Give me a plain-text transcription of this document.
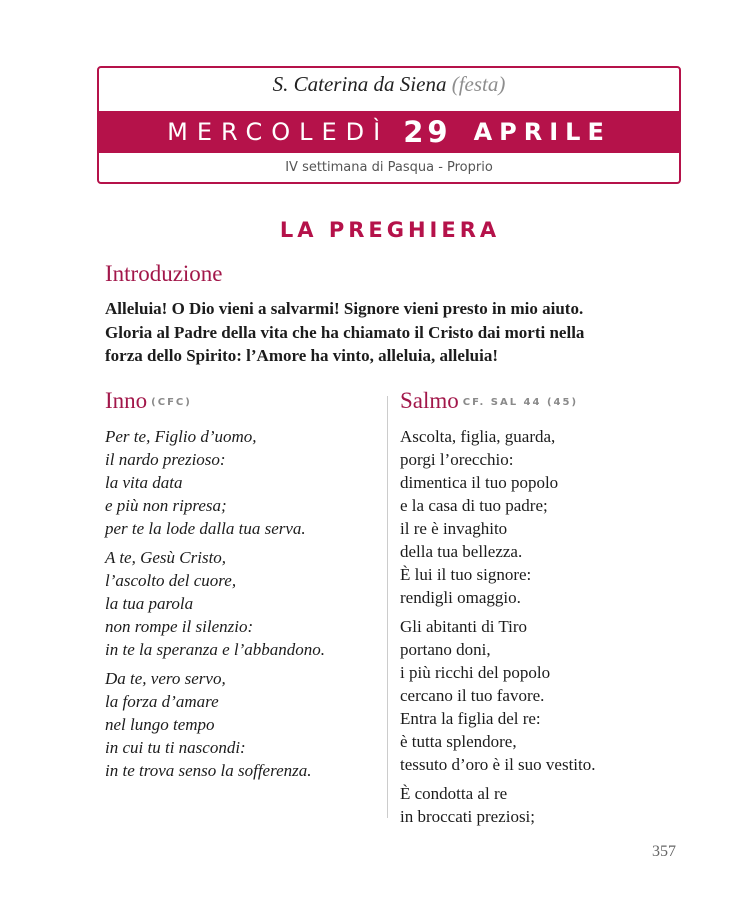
S. Caterina da Siena (festa)
MERCOLEDÌ 29 APRILE
IV settimana di Pasqua - Proprio
LA PREGHIERA
Introduzione
Alleluia! O Dio vieni a salvarmi! Signore vieni presto in mio aiuto.
Gloria al Padre della vita che ha chiamato il Cristo dai morti nella
forza dello Spirito: l’Amore ha vinto, alleluia, alleluia!
Inno (CFC)	Salmo CF. SAL 44 (45)
Per te, Figlio d’uomo,
il nardo prezioso:
la vita data
e più non ripresa;
per te la lode dalla tua serva.
A te, Gesù Cristo,
l’ascolto del cuore,
la tua parola
non rompe il silenzio:
in te la speranza e l’abbandono.
Da te, vero servo,
la forza d’amare
nel lungo tempo
in cui tu ti nascondi:
in te trova senso la sofferenza.
Ascolta, figlia, guarda,
porgi l’orecchio:
dimentica il tuo popolo
e la casa di tuo padre;
il re è invaghito
della tua bellezza.
È lui il tuo signore:
rendigli omaggio.
Gli abitanti di Tiro
portano doni,
i più ricchi del popolo
cercano il tuo favore.
Entra la figlia del re:
è tutta splendore,
tessuto d’oro è il suo vestito.
È condotta al re
in broccati preziosi;
357
